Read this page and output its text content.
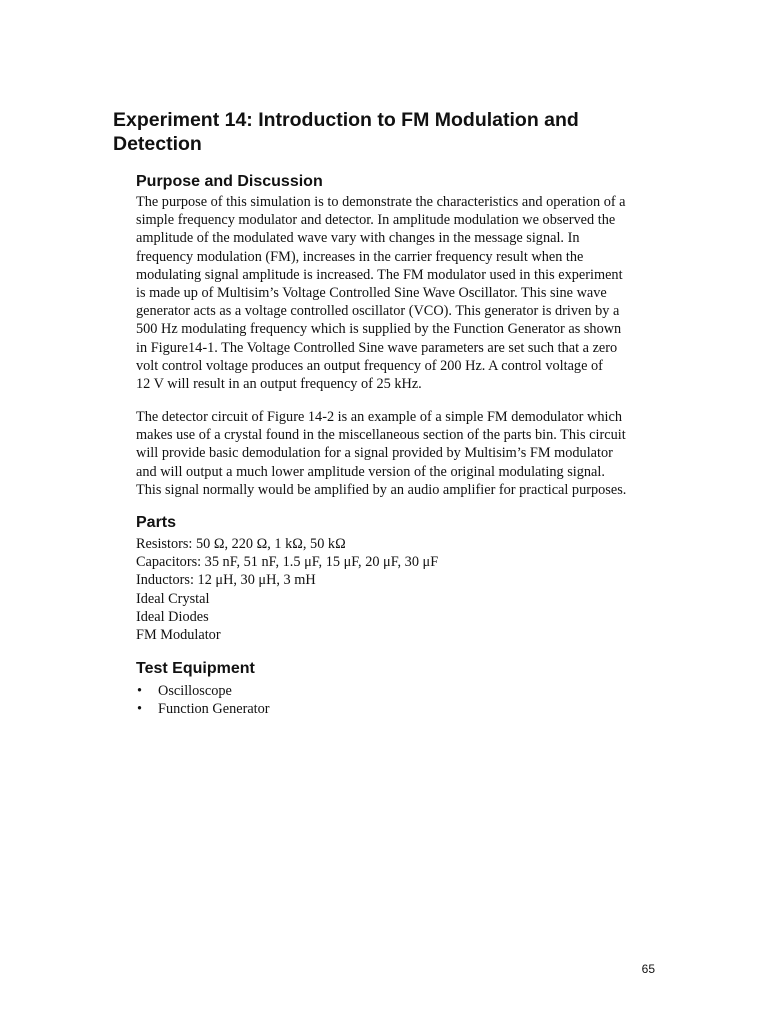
Experiment 14: Introduction to FM Modulation and
Detection
Purpose and Discussion

The purpose of this simulation is to demonstrate the characteristics and operation of a
simple frequency modulator and detector. In amplitude modulation we observed the
amplitude of the modulated wave vary with changes in the message signal. In
frequency modulation (FM), increases in the carrier frequency result when the
modulating signal amplitude is increased. The FM modulator used in this experiment
is made up of Multisim’s Voltage Controlled Sine Wave Oscillator. This sine wave
generator acts as a voltage controlled oscillator (VCO). This generator is driven by a
500 Hz modulating frequency which is supplied by the Function Generator as shown
in Figure14-1. The Voltage Controlled Sine wave parameters are set such that a zero
volt control voltage produces an output frequency of 200 Hz. A control voltage of
12 V will result in an output frequency of 25 kHz.

The detector circuit of Figure 14-2 is an example of a simple FM demodulator which
makes use of a crystal found in the miscellaneous section of the parts bin. This circuit
will provide basic demodulation for a signal provided by Multisim’s FM modulator
and will output a much lower amplitude version of the original modulating signal.
This signal normally would be amplified by an audio amplifier for practical purposes.

Parts

Resistors: 50 Ω, 220 Ω, 1 kΩ, 50 kΩ
Capacitors: 35 nF, 51 nF, 1.5 μF, 15 μF, 20 μF, 30 μF
Inductors: 12 μH, 30 μH, 3 mH
Ideal Crystal
Ideal Diodes
FM Modulator

Test Equipment
• Oscilloscope
• Function Generator
65
